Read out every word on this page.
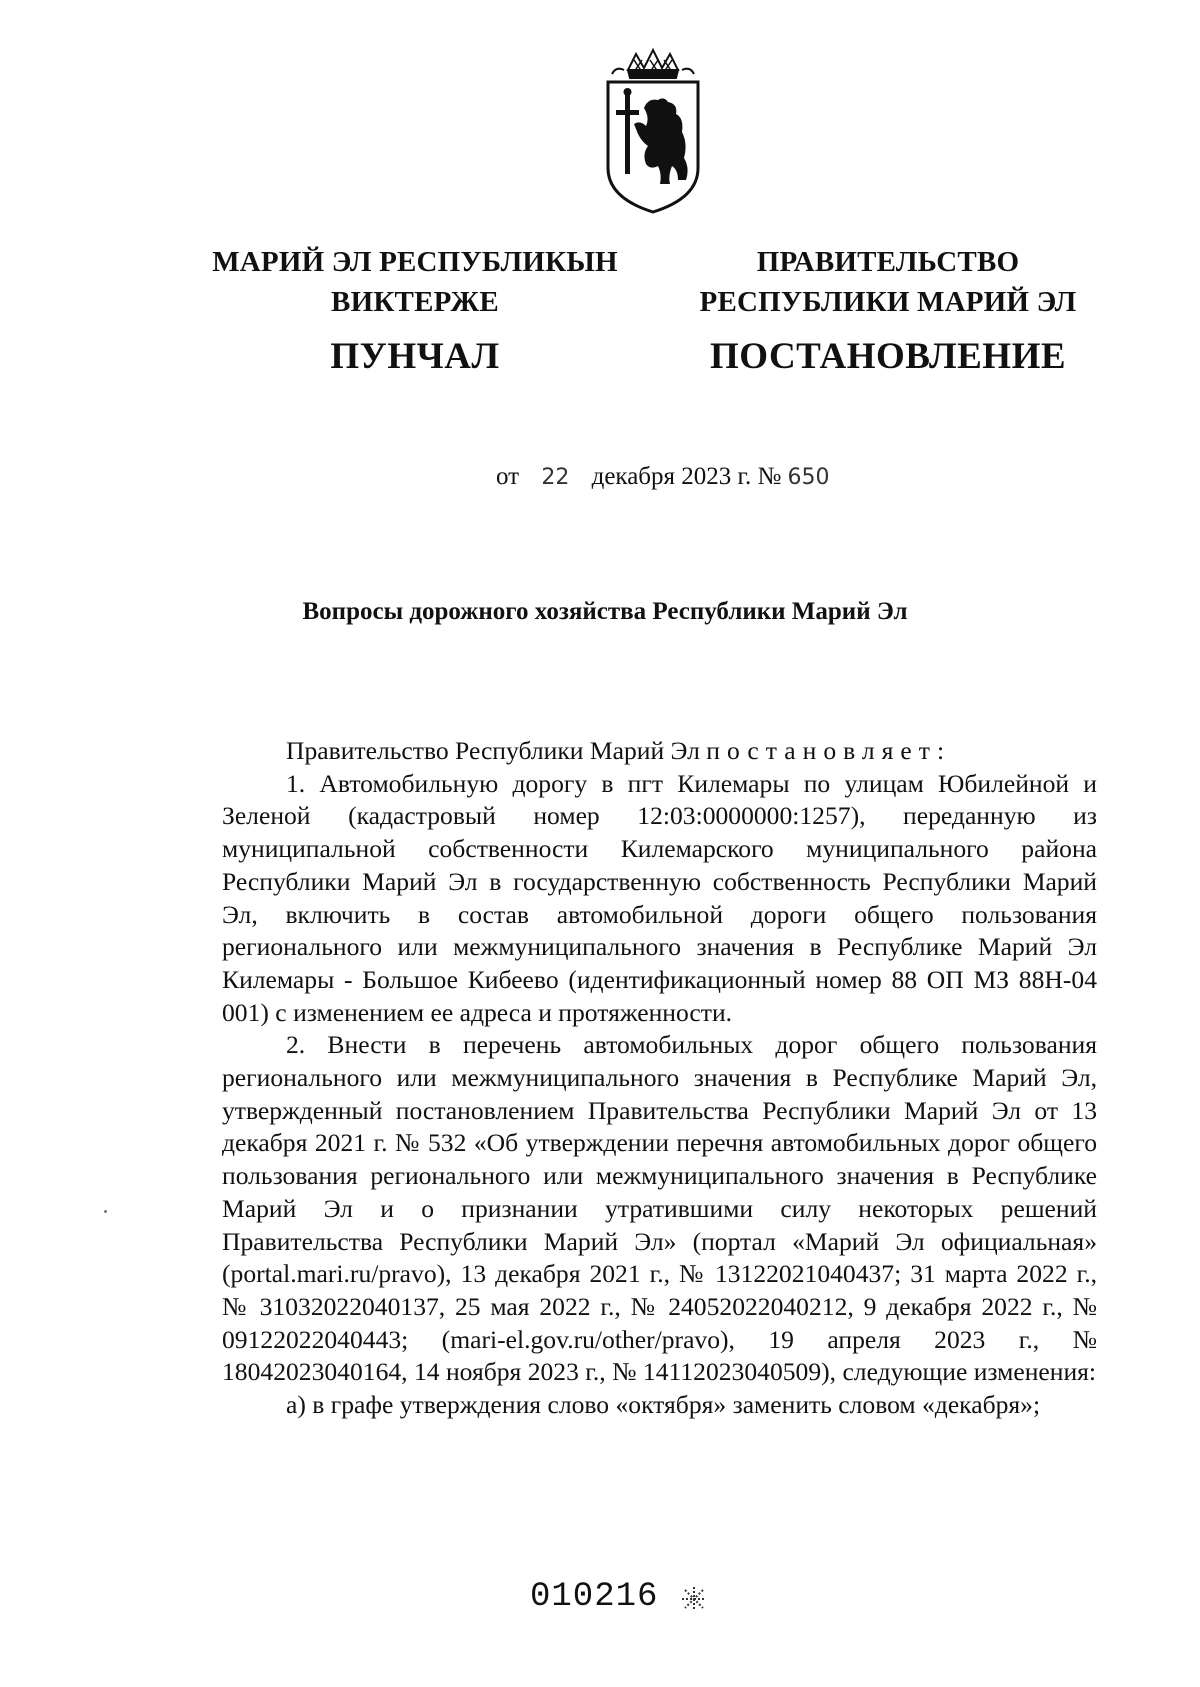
МАРИЙ ЭЛ РЕСПУБЛИКЫН
ВИКТЕРЖЕ
ПУНЧАЛ
ПРАВИТЕЛЬСТВО
РЕСПУБЛИКИ МАРИЙ ЭЛ
ПОСТАНОВЛЕНИЕ
от 22 декабря 2023 г. № 650
Вопросы дорожного хозяйства Республики Марий Эл

Правительство Республики Марий Эл постановляет:

1. Автомобильную дорогу в пгт Килемары по улицам Юбилейной и Зеленой (кадастровый номер 12:03:0000000:1257), переданную из муниципальной собственности Килемарского муниципального района Республики Марий Эл в государственную собственность Республики Марий Эл, включить в состав автомобильной дороги общего пользования регионального или межмуниципального значения в Республике Марий Эл Килемары - Большое Кибеево (идентификационный номер 88 ОП МЗ 88Н-04 001) с изменением ее адреса и протяженности.

2. Внести в перечень автомобильных дорог общего пользования регионального или межмуниципального значения в Республике Марий Эл, утвержденный постановлением Правительства Республики Марий Эл от 13 декабря 2021 г. № 532 «Об утверждении перечня автомобильных дорог общего пользования регионального или межмуниципального значения в Республике Марий Эл и о признании утратившими силу некоторых решений Правительства Республики Марий Эл» (портал «Марий Эл официальная» (portal.mari.ru/pravo), 13 декабря 2021 г., № 13122021040437; 31 марта 2022 г., № 31032022040137, 25 мая 2022 г., № 24052022040212, 9 декабря 2022 г., № 09122022040443; (mari-el.gov.ru/other/pravo), 19 апреля 2023 г., № 18042023040164, 14 ноября 2023 г., № 14112023040509), следующие изменения:

а) в графе утверждения слово «октября» заменить словом «декабря»;

010216
